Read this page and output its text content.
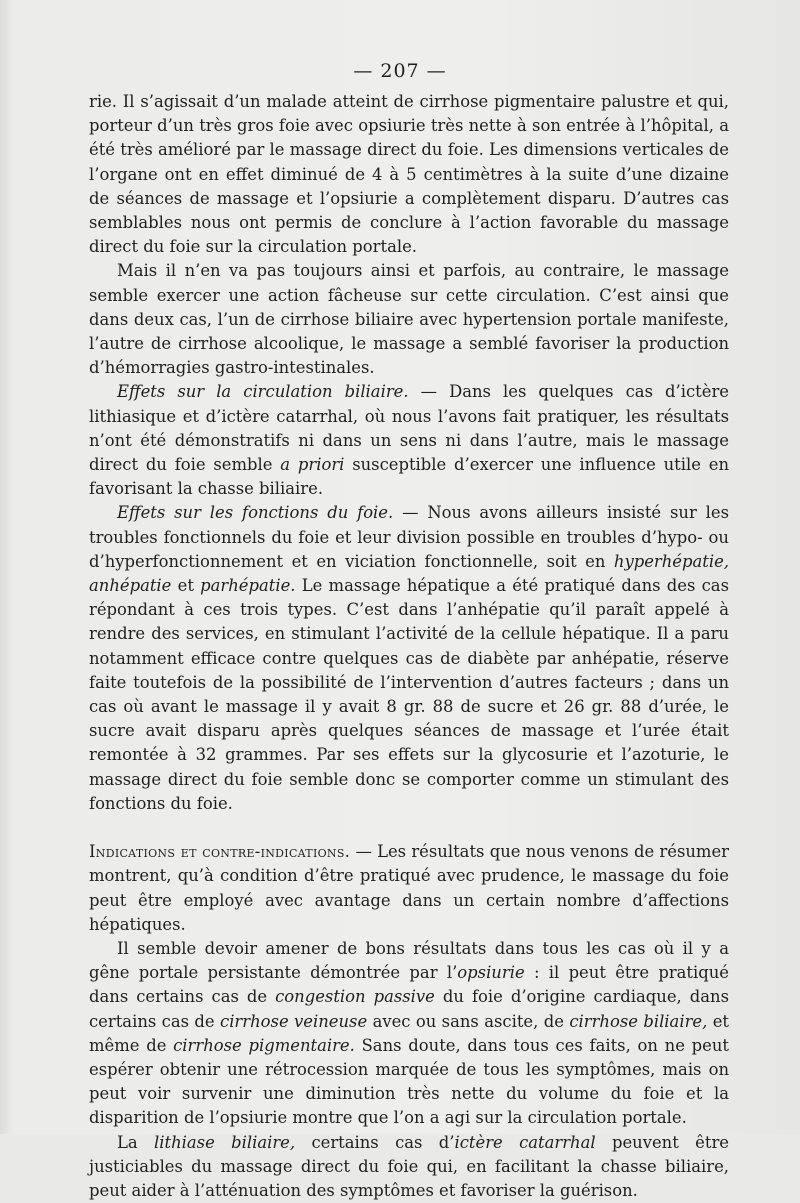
— 207 —

rie. Il s’agissait d’un malade atteint de cirrhose pigmentaire palustre et qui, porteur d’un très gros foie avec opsiurie très nette à son entrée à l’hôpital, a été très amélioré par le massage direct du foie. Les dimensions verticales de l’organe ont en effet diminué de 4 à 5 centimètres à la suite d’une dizaine de séances de massage et l’opsiurie a complètement disparu. D’autres cas semblables nous ont permis de conclure à l’action favorable du massage direct du foie sur la circulation portale.

Mais il n’en va pas toujours ainsi et parfois, au contraire, le massage semble exercer une action fâcheuse sur cette circulation. C’est ainsi que dans deux cas, l’un de cirrhose biliaire avec hypertension portale manifeste, l’autre de cirrhose alcoolique, le massage a semblé favoriser la production d’hémorragies gastro-intestinales.

Effets sur la circulation biliaire. — Dans les quelques cas d’ictère lithiasique et d’ictère catarrhal, où nous l’avons fait pratiquer, les résultats n’ont été démonstratifs ni dans un sens ni dans l’autre, mais le massage direct du foie semble a priori susceptible d’exercer une influence utile en favorisant la chasse biliaire.

Effets sur les fonctions du foie. — Nous avons ailleurs insisté sur les troubles fonctionnels du foie et leur division possible en troubles d’hypo- ou d’hyperfonctionnement et en viciation fonctionnelle, soit en hyperhépatie, anhépatie et parhépatie. Le massage hépatique a été pratiqué dans des cas répondant à ces trois types. C’est dans l’anhépatie qu’il paraît appelé à rendre des services, en stimulant l’activité de la cellule hépatique. Il a paru notamment efficace contre quelques cas de diabète par anhépatie, réserve faite toutefois de la possibilité de l’intervention d’autres facteurs ; dans un cas où avant le massage il y avait 8 gr. 88 de sucre et 26 gr. 88 d’urée, le sucre avait disparu après quelques séances de massage et l’urée était remontée à 32 grammes. Par ses effets sur la glycosurie et l’azoturie, le massage direct du foie semble donc se comporter comme un stimulant des fonctions du foie.

Indications et contre-indications. — Les résultats que nous venons de résumer montrent, qu’à condition d’être pratiqué avec prudence, le massage du foie peut être employé avec avantage dans un certain nombre d’affections hépatiques.

Il semble devoir amener de bons résultats dans tous les cas où il y a gêne portale persistante démontrée par l’opsiurie : il peut être pratiqué dans certains cas de congestion passive du foie d’origine cardiaque, dans certains cas de cirrhose veineuse avec ou sans ascite, de cirrhose biliaire, et même de cirrhose pigmentaire. Sans doute, dans tous ces faits, on ne peut espérer obtenir une rétrocession marquée de tous les symptômes, mais on peut voir survenir une diminution très nette du volume du foie et la disparition de l’opsiurie montre que l’on a agi sur la circulation portale.

La lithiase biliaire, certains cas d’ictère catarrhal peuvent être justiciables du massage direct du foie qui, en facilitant la chasse biliaire, peut aider à l’atténuation des symptômes et favoriser la guérison.
